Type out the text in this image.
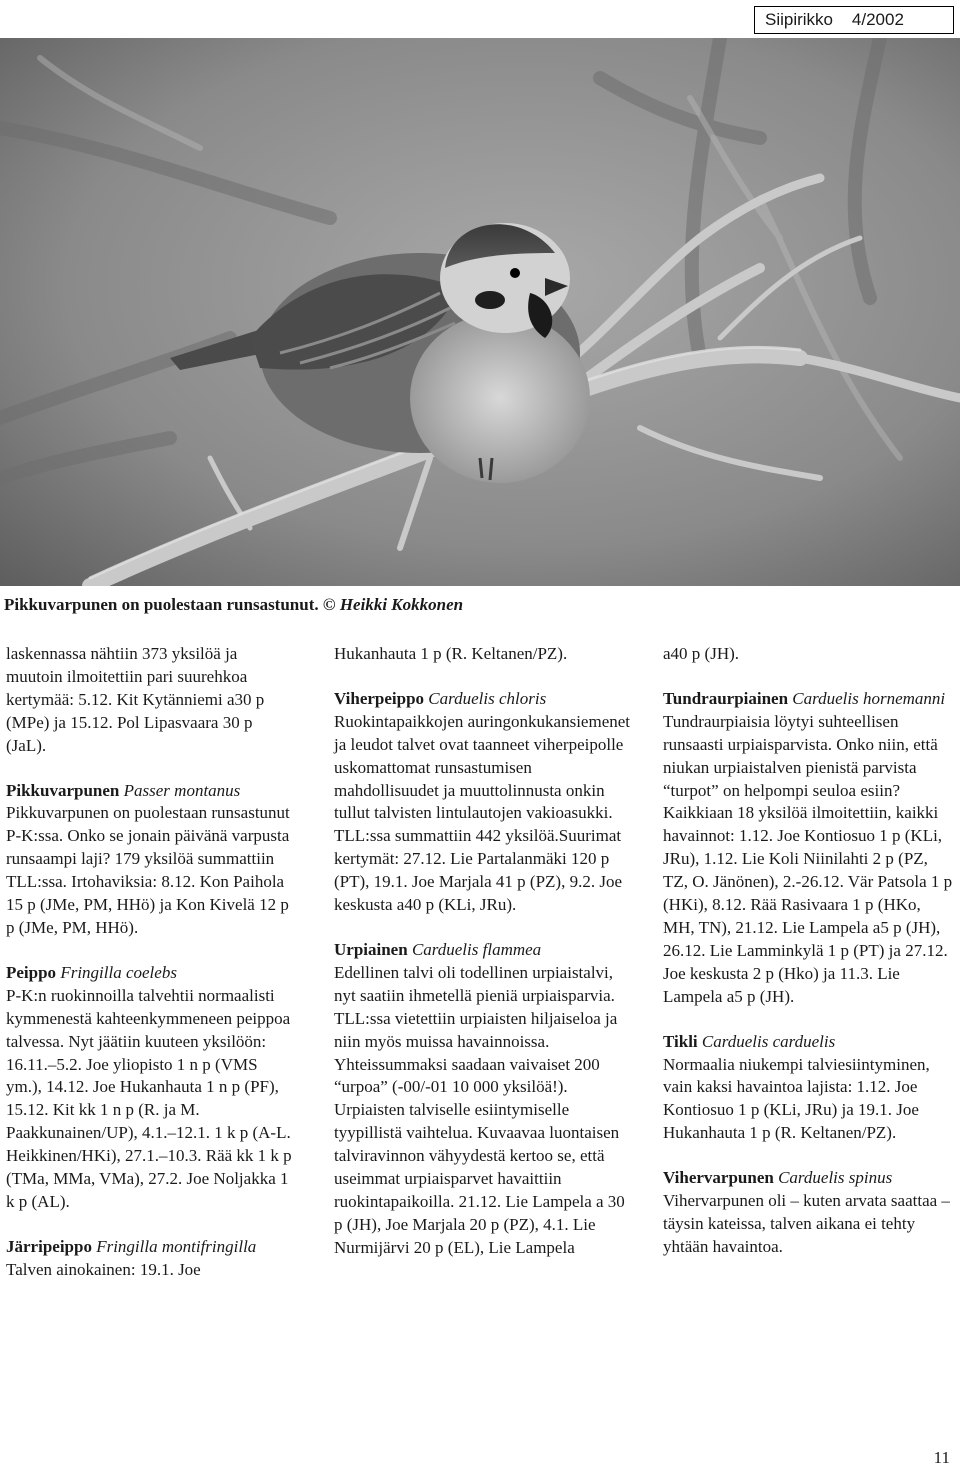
Siipirikko    4/2002
Pikkuvarpunen on puolestaan runsastunut. © Heikki Kokkonen

laskennassa nähtiin 373 yksilöä ja muutoin ilmoitettiin pari suurehkoa kertymää: 5.12. Kit Kytänniemi a30 p (MPe) ja 15.12. Pol Lipasvaara 30 p (JaL).

Pikkuvarpunen Passer montanus
Pikkuvarpunen on puolestaan runsastunut P-K:ssa. Onko se jonain päivänä varpusta runsaampi laji? 179 yksilöä summattiin TLL:ssa. Irtohaviksia: 8.12. Kon Paihola 15 p (JMe, PM, HHö) ja Kon Kivelä 12 p p (JMe, PM, HHö).

Peippo Fringilla coelebs
P-K:n ruokinnoilla talvehtii normaalisti kymmenestä kahteenkymmeneen peippoa talvessa. Nyt jäätiin kuuteen yksilöön: 16.11.–5.2. Joe yliopisto 1 n p (VMS ym.), 14.12. Joe Hukanhauta 1 n p (PF), 15.12. Kit kk 1 n p (R. ja M. Paakkunainen/UP), 4.1.–12.1. 1 k p (A-L. Heikkinen/HKi), 27.1.–10.3. Rää kk 1 k p (TMa, MMa, VMa), 27.2. Joe Noljakka 1 k p (AL).

Järripeippo Fringilla montifringilla
Talven ainokainen: 19.1. Joe

Hukanhauta 1 p (R. Keltanen/PZ).

Viherpeippo Carduelis chloris
Ruokintapaikkojen auringonkukansiemenet ja leudot talvet ovat taanneet viherpeipolle uskomattomat runsastumisen mahdollisuudet ja muuttolinnusta onkin tullut talvisten lintulautojen vakioasukki. TLL:ssa summattiin 442 yksilöä.Suurimat kertymät: 27.12. Lie Partalanmäki 120 p (PT), 19.1. Joe Marjala 41 p (PZ), 9.2. Joe keskusta a40 p (KLi, JRu).

Urpiainen Carduelis flammea
Edellinen talvi oli todellinen urpiaistalvi, nyt saatiin ihmetellä pieniä urpiaisparvia. TLL:ssa vietettiin urpiaisten hiljaiseloa ja niin myös muissa havainnoissa. Yhteissummaksi saadaan vaivaiset 200 “urpoa” (-00/-01 10 000 yksilöä!). Urpiaisten talviselle esiintymiselle tyypillistä vaihtelua. Kuvaavaa luontaisen talviravinnon vähyydestä kertoo se, että useimmat urpiaisparvet havaittiin ruokintapaikoilla. 21.12. Lie Lampela a 30 p (JH), Joe Marjala 20 p (PZ), 4.1. Lie Nurmijärvi 20 p (EL), Lie Lampela

a40 p (JH).

Tundraurpiainen Carduelis hornemanni
Tundraurpiaisia löytyi suhteellisen runsaasti urpiaisparvista. Onko niin, että niukan urpiaistalven pienistä parvista “turpot” on helpompi seuloa esiin? Kaikkiaan 18 yksilöä ilmoitettiin, kaikki havainnot: 1.12. Joe Kontiosuo 1 p (KLi, JRu), 1.12. Lie Koli Niinilahti 2 p (PZ, TZ, O. Jänönen), 2.-26.12. Vär Patsola 1 p (HKi), 8.12. Rää Rasivaara 1 p (HKo, MH, TN), 21.12. Lie Lampela a5 p (JH), 26.12. Lie Lamminkylä 1 p (PT) ja 27.12. Joe keskusta 2 p (Hko) ja 11.3. Lie Lampela a5 p (JH).

Tikli Carduelis carduelis
Normaalia niukempi talviesiintyminen, vain kaksi havaintoa lajista: 1.12. Joe Kontiosuo 1 p (KLi, JRu) ja 19.1. Joe Hukanhauta 1 p (R. Keltanen/PZ).

Vihervarpunen Carduelis spinus
Vihervarpunen oli – kuten arvata saattaa – täysin kateissa, talven aikana ei tehty yhtään havaintoa.

11
